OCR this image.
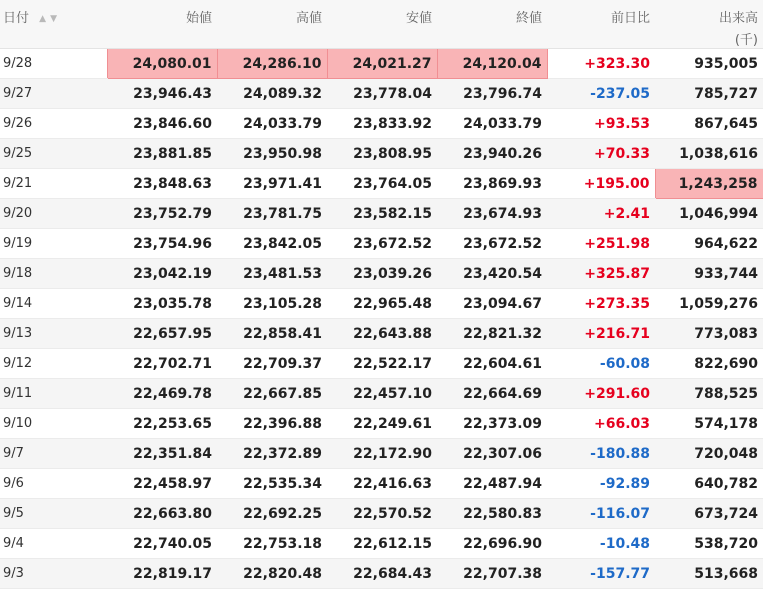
日付 ▲▼	始値	高値	安値	終値	前日比	出来高
(千)

9/28	24,080.01	24,286.10	24,021.27	24,120.04	+323.30	935,005
9/27	23,946.43	24,089.32	23,778.04	23,796.74	-237.05	785,727
9/26	23,846.60	24,033.79	23,833.92	24,033.79	+93.53	867,645
9/25	23,881.85	23,950.98	23,808.95	23,940.26	+70.33	1,038,616
9/21	23,848.63	23,971.41	23,764.05	23,869.93	+195.00	1,243,258
9/20	23,752.79	23,781.75	23,582.15	23,674.93	+2.41	1,046,994
9/19	23,754.96	23,842.05	23,672.52	23,672.52	+251.98	964,622
9/18	23,042.19	23,481.53	23,039.26	23,420.54	+325.87	933,744
9/14	23,035.78	23,105.28	22,965.48	23,094.67	+273.35	1,059,276
9/13	22,657.95	22,858.41	22,643.88	22,821.32	+216.71	773,083
9/12	22,702.71	22,709.37	22,522.17	22,604.61	-60.08	822,690
9/11	22,469.78	22,667.85	22,457.10	22,664.69	+291.60	788,525
9/10	22,253.65	22,396.88	22,249.61	22,373.09	+66.03	574,178
9/7	22,351.84	22,372.89	22,172.90	22,307.06	-180.88	720,048
9/6	22,458.97	22,535.34	22,416.63	22,487.94	-92.89	640,782
9/5	22,663.80	22,692.25	22,570.52	22,580.83	-116.07	673,724
9/4	22,740.05	22,753.18	22,612.15	22,696.90	-10.48	538,720
9/3	22,819.17	22,820.48	22,684.43	22,707.38	-157.77	513,668
